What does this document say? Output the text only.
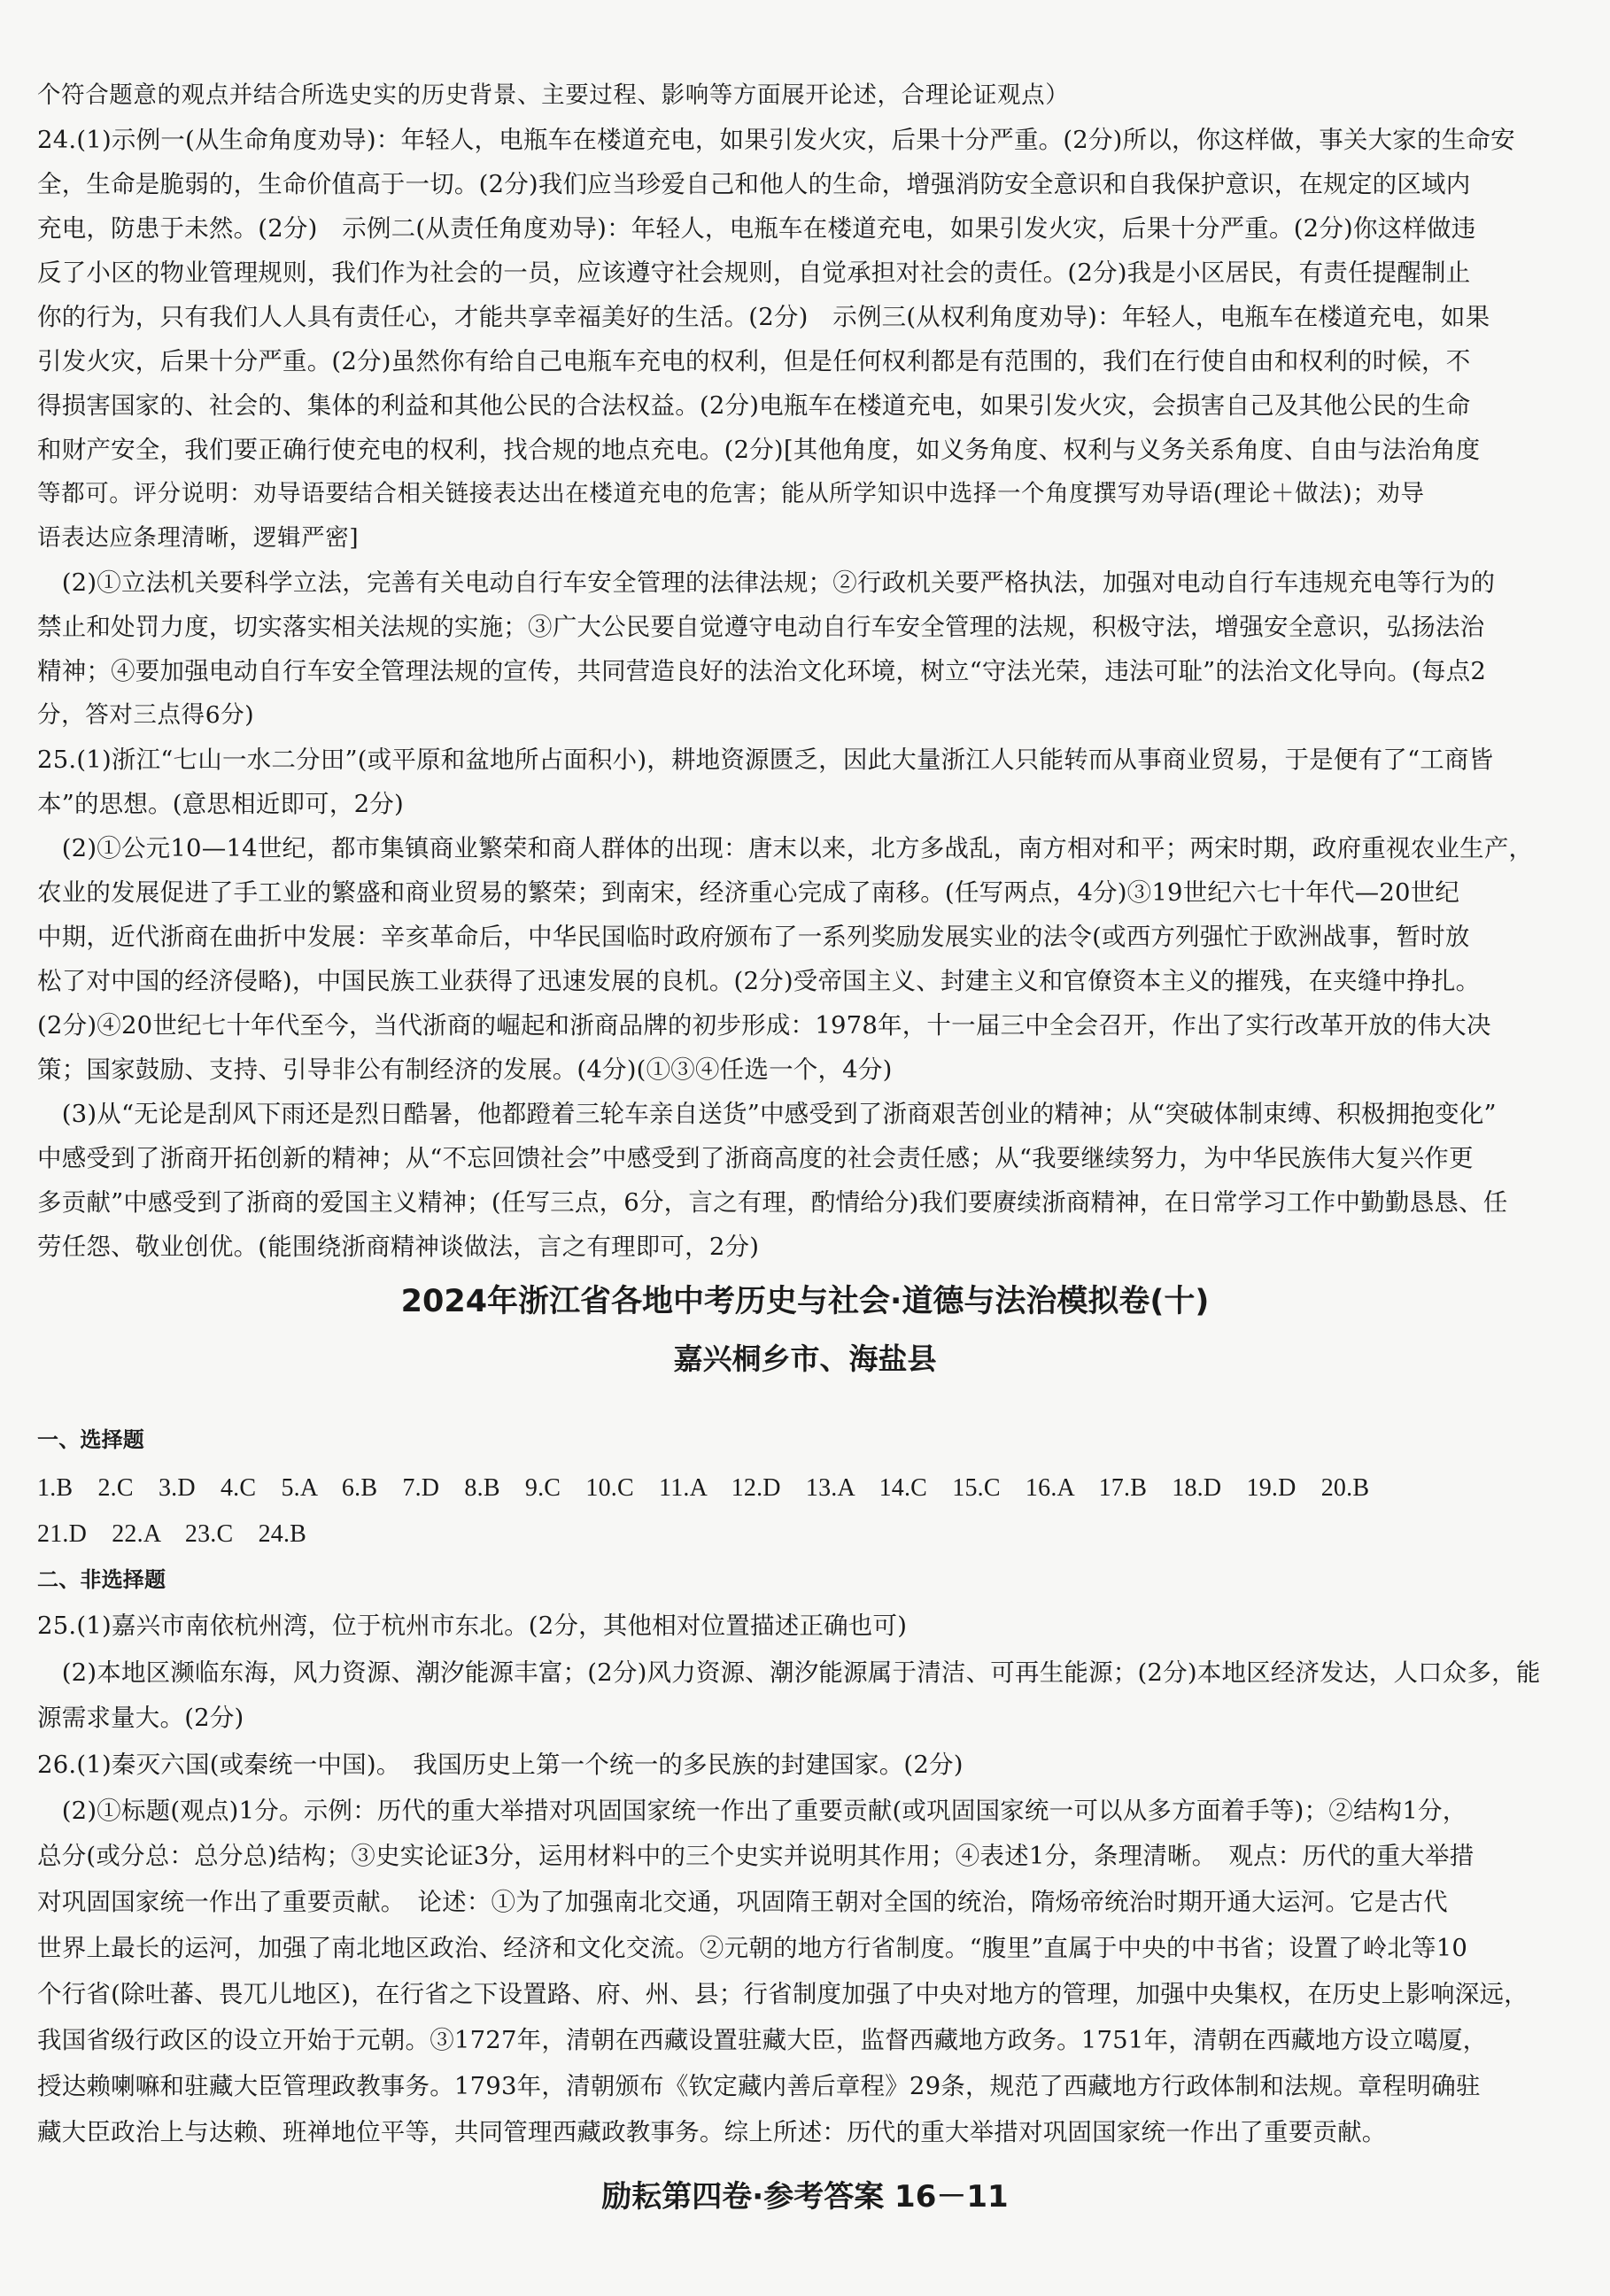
个符合题意的观点并结合所选史实的历史背景、主要过程、影响等方面展开论述，合理论证观点）
24.(1)示例一(从生命角度劝导)：年轻人，电瓶车在楼道充电，如果引发火灾，后果十分严重。(2分)所以，你这样做，事关大家的生命安
全，生命是脆弱的，生命价值高于一切。(2分)我们应当珍爱自己和他人的生命，增强消防安全意识和自我保护意识，在规定的区域内
充电，防患于未然。(2分)　示例二(从责任角度劝导)：年轻人，电瓶车在楼道充电，如果引发火灾，后果十分严重。(2分)你这样做违
反了小区的物业管理规则，我们作为社会的一员，应该遵守社会规则，自觉承担对社会的责任。(2分)我是小区居民，有责任提醒制止
你的行为，只有我们人人具有责任心，才能共享幸福美好的生活。(2分)　示例三(从权利角度劝导)：年轻人，电瓶车在楼道充电，如果
引发火灾，后果十分严重。(2分)虽然你有给自己电瓶车充电的权利，但是任何权利都是有范围的，我们在行使自由和权利的时候，不
得损害国家的、社会的、集体的利益和其他公民的合法权益。(2分)电瓶车在楼道充电，如果引发火灾，会损害自己及其他公民的生命
和财产安全，我们要正确行使充电的权利，找合规的地点充电。(2分)[其他角度，如义务角度、权利与义务关系角度、自由与法治角度
等都可。评分说明：劝导语要结合相关链接表达出在楼道充电的危害；能从所学知识中选择一个角度撰写劝导语(理论＋做法)；劝导
语表达应条理清晰，逻辑严密]
　(2)①立法机关要科学立法，完善有关电动自行车安全管理的法律法规；②行政机关要严格执法，加强对电动自行车违规充电等行为的
禁止和处罚力度，切实落实相关法规的实施；③广大公民要自觉遵守电动自行车安全管理的法规，积极守法，增强安全意识，弘扬法治
精神；④要加强电动自行车安全管理法规的宣传，共同营造良好的法治文化环境，树立“守法光荣，违法可耻”的法治文化导向。(每点2
分，答对三点得6分)
25.(1)浙江“七山一水二分田”(或平原和盆地所占面积小)，耕地资源匮乏，因此大量浙江人只能转而从事商业贸易，于是便有了“工商皆
本”的思想。(意思相近即可，2分)
　(2)①公元10—14世纪，都市集镇商业繁荣和商人群体的出现：唐末以来，北方多战乱，南方相对和平；两宋时期，政府重视农业生产，
农业的发展促进了手工业的繁盛和商业贸易的繁荣；到南宋，经济重心完成了南移。(任写两点，4分)③19世纪六七十年代—20世纪
中期，近代浙商在曲折中发展：辛亥革命后，中华民国临时政府颁布了一系列奖励发展实业的法令(或西方列强忙于欧洲战事，暂时放
松了对中国的经济侵略)，中国民族工业获得了迅速发展的良机。(2分)受帝国主义、封建主义和官僚资本主义的摧残，在夹缝中挣扎。
(2分)④20世纪七十年代至今，当代浙商的崛起和浙商品牌的初步形成：1978年，十一届三中全会召开，作出了实行改革开放的伟大决
策；国家鼓励、支持、引导非公有制经济的发展。(4分)(①③④任选一个，4分)
　(3)从“无论是刮风下雨还是烈日酷暑，他都蹬着三轮车亲自送货”中感受到了浙商艰苦创业的精神；从“突破体制束缚、积极拥抱变化”
中感受到了浙商开拓创新的精神；从“不忘回馈社会”中感受到了浙商高度的社会责任感；从“我要继续努力，为中华民族伟大复兴作更
多贡献”中感受到了浙商的爱国主义精神；(任写三点，6分，言之有理，酌情给分)我们要赓续浙商精神，在日常学习工作中勤勤恳恳、任
劳任怨、敬业创优。(能围绕浙商精神谈做法，言之有理即可，2分)
2024年浙江省各地中考历史与社会·道德与法治模拟卷(十)
嘉兴桐乡市、海盐县
一、选择题
1.B　2.C　3.D　4.C　5.A　6.B　7.D　8.B　9.C　10.C　11.A　12.D　13.A　14.C　15.C　16.A　17.B　18.D　19.D　20.B
21.D　22.A　23.C　24.B
二、非选择题
25.(1)嘉兴市南依杭州湾，位于杭州市东北。(2分，其他相对位置描述正确也可)
　(2)本地区濒临东海，风力资源、潮汐能源丰富；(2分)风力资源、潮汐能源属于清洁、可再生能源；(2分)本地区经济发达，人口众多，能
源需求量大。(2分)
26.(1)秦灭六国(或秦统一中国)。　我国历史上第一个统一的多民族的封建国家。(2分)
　(2)①标题(观点)1分。示例：历代的重大举措对巩固国家统一作出了重要贡献(或巩固国家统一可以从多方面着手等)；②结构1分，
总分(或分总：总分总)结构；③史实论证3分，运用材料中的三个史实并说明其作用；④表述1分，条理清晰。　观点：历代的重大举措
对巩固国家统一作出了重要贡献。　论述：①为了加强南北交通，巩固隋王朝对全国的统治，隋炀帝统治时期开通大运河。它是古代
世界上最长的运河，加强了南北地区政治、经济和文化交流。②元朝的地方行省制度。“腹里”直属于中央的中书省；设置了岭北等10
个行省(除吐蕃、畏兀儿地区)，在行省之下设置路、府、州、县；行省制度加强了中央对地方的管理，加强中央集权，在历史上影响深远，
我国省级行政区的设立开始于元朝。③1727年，清朝在西藏设置驻藏大臣，监督西藏地方政务。1751年，清朝在西藏地方设立噶厦，
授达赖喇嘛和驻藏大臣管理政教事务。1793年，清朝颁布《钦定藏内善后章程》29条，规范了西藏地方行政体制和法规。章程明确驻
藏大臣政治上与达赖、班禅地位平等，共同管理西藏政教事务。综上所述：历代的重大举措对巩固国家统一作出了重要贡献。
励耘第四卷·参考答案 16－11
